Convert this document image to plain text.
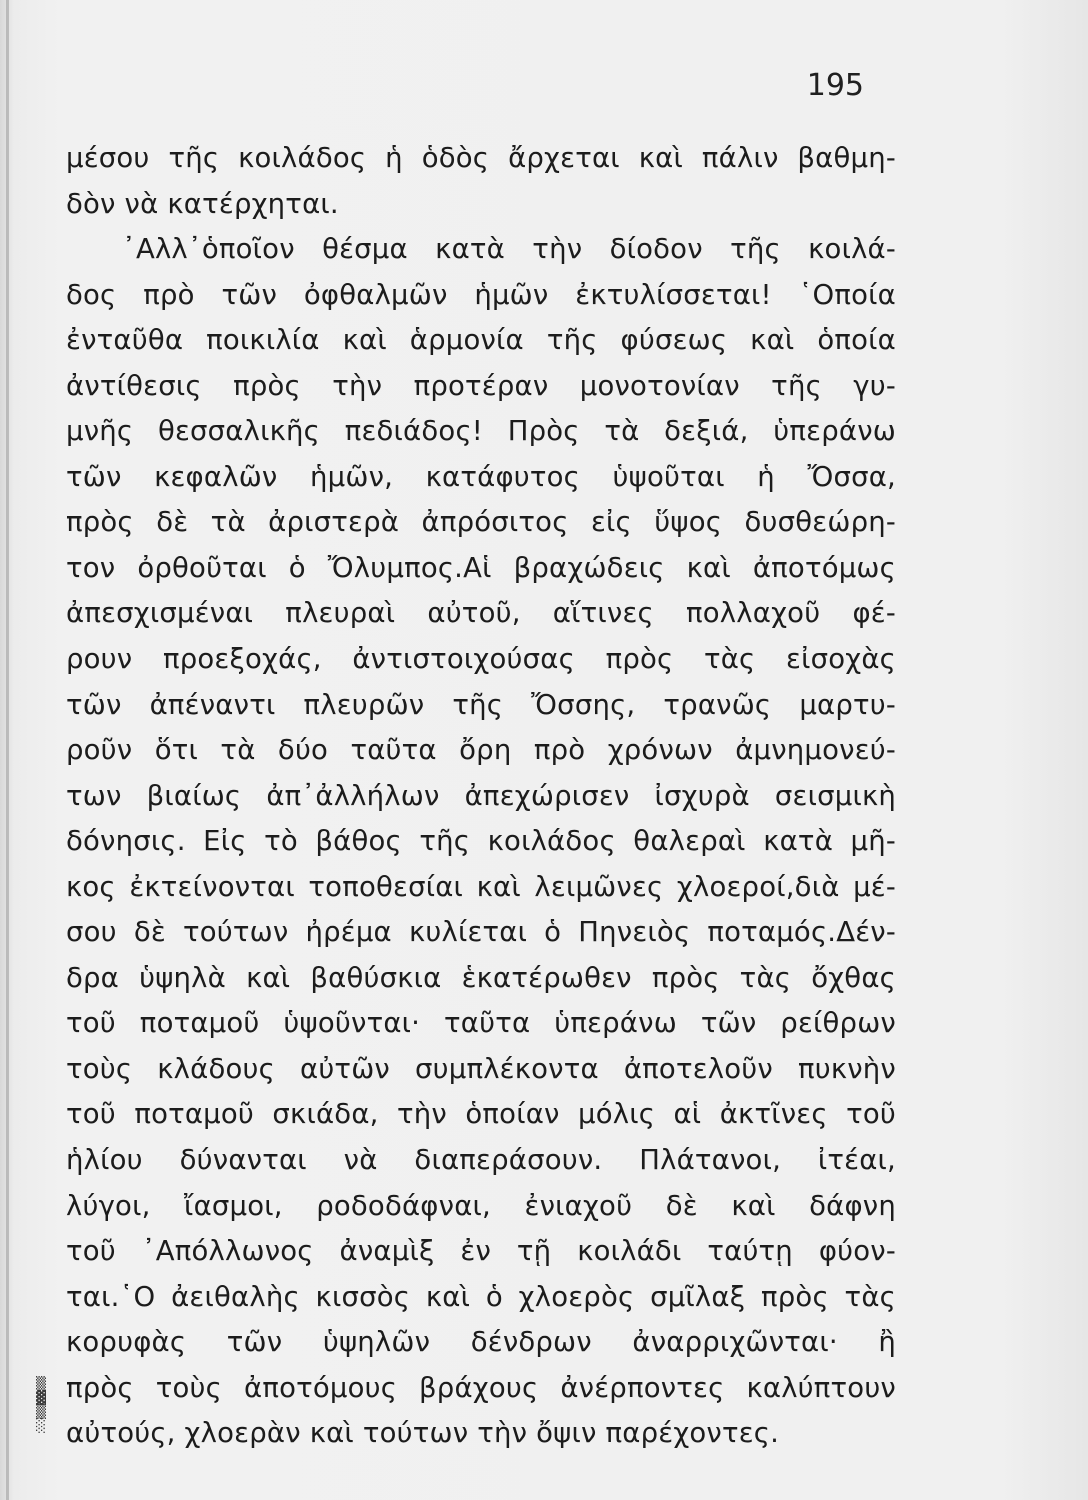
195
μέσου τῆς κοιλάδος ἡ ὁδὸς ἄρχεται καὶ πάλιν βαθμη-
δὸν νὰ κατέρχηται.
᾿Αλλ᾿ὁποῖον θέσμα κατὰ τὴν δίοδον τῆς κοιλά-
δος πρὸ τῶν ὀφθαλμῶν ἡμῶν ἐκτυλίσσεται! ῾Οποία
ἐνταῦθα ποικιλία καὶ ἁρμονία τῆς φύσεως καὶ ὁποία
ἀντίθεσις πρὸς τὴν προτέραν μονοτονίαν τῆς γυ-
μνῆς θεσσαλικῆς πεδιάδος! Πρὸς τὰ δεξιά, ὑπεράνω
τῶν κεφαλῶν ἡμῶν, κατάφυτος ὑψοῦται ἡ Ὄσσα,
πρὸς δὲ τὰ ἀριστερὰ ἀπρόσιτος εἰς ὕψος δυσθεώρη-
τον ὀρθοῦται ὁ Ὄλυμπος.Αἱ βραχώδεις καὶ ἀποτόμως
ἀπεσχισμέναι πλευραὶ αὐτοῦ, αἵτινες πολλαχοῦ φέ-
ρουν προεξοχάς, ἀντιστοιχούσας πρὸς τὰς εἰσοχὰς
τῶν ἀπέναντι πλευρῶν τῆς Ὄσσης, τρανῶς μαρτυ-
ροῦν ὅτι τὰ δύο ταῦτα ὄρη πρὸ χρόνων ἀμνημονεύ-
των βιαίως ἀπ᾿ἀλλήλων ἀπεχώρισεν ἰσχυρὰ σεισμικὴ
δόνησις. Εἰς τὸ βάθος τῆς κοιλάδος θαλεραὶ κατὰ μῆ-
κος ἐκτείνονται τοποθεσίαι καὶ λειμῶνες χλοεροί,διὰ μέ-
σου δὲ τούτων ἠρέμα κυλίεται ὁ Πηνειὸς ποταμός.Δέν-
δρα ὑψηλὰ καὶ βαθύσκια ἑκατέρωθεν πρὸς τὰς ὄχθας
τοῦ ποταμοῦ ὑψοῦνται· ταῦτα ὑπεράνω τῶν ρείθρων
τοὺς κλάδους αὐτῶν συμπλέκοντα ἀποτελοῦν πυκνὴν
τοῦ ποταμοῦ σκιάδα, τὴν ὁποίαν μόλις αἱ ἀκτῖνες τοῦ
ἡλίου δύνανται νὰ διαπεράσουν. Πλάτανοι, ἰτέαι,
λύγοι, ἴασμοι, ροδοδάφναι, ἐνιαχοῦ δὲ καὶ δάφνη
τοῦ ᾿Απόλλωνος ἀναμὶξ ἐν τῇ κοιλάδι ταύτῃ φύον-
ται.῾Ο ἀειθαλὴς κισσὸς καὶ ὁ χλοερὸς σμῖλαξ πρὸς τὰς
κορυφὰς τῶν ὑψηλῶν δένδρων ἀναρριχῶνται· ἢ
πρὸς τοὺς ἀποτόμους βράχους ἀνέρποντες καλύπτουν
αὐτούς, χλοερὰν καὶ τούτων τὴν ὄψιν παρέχοντες.
▒
▓
▒
░
